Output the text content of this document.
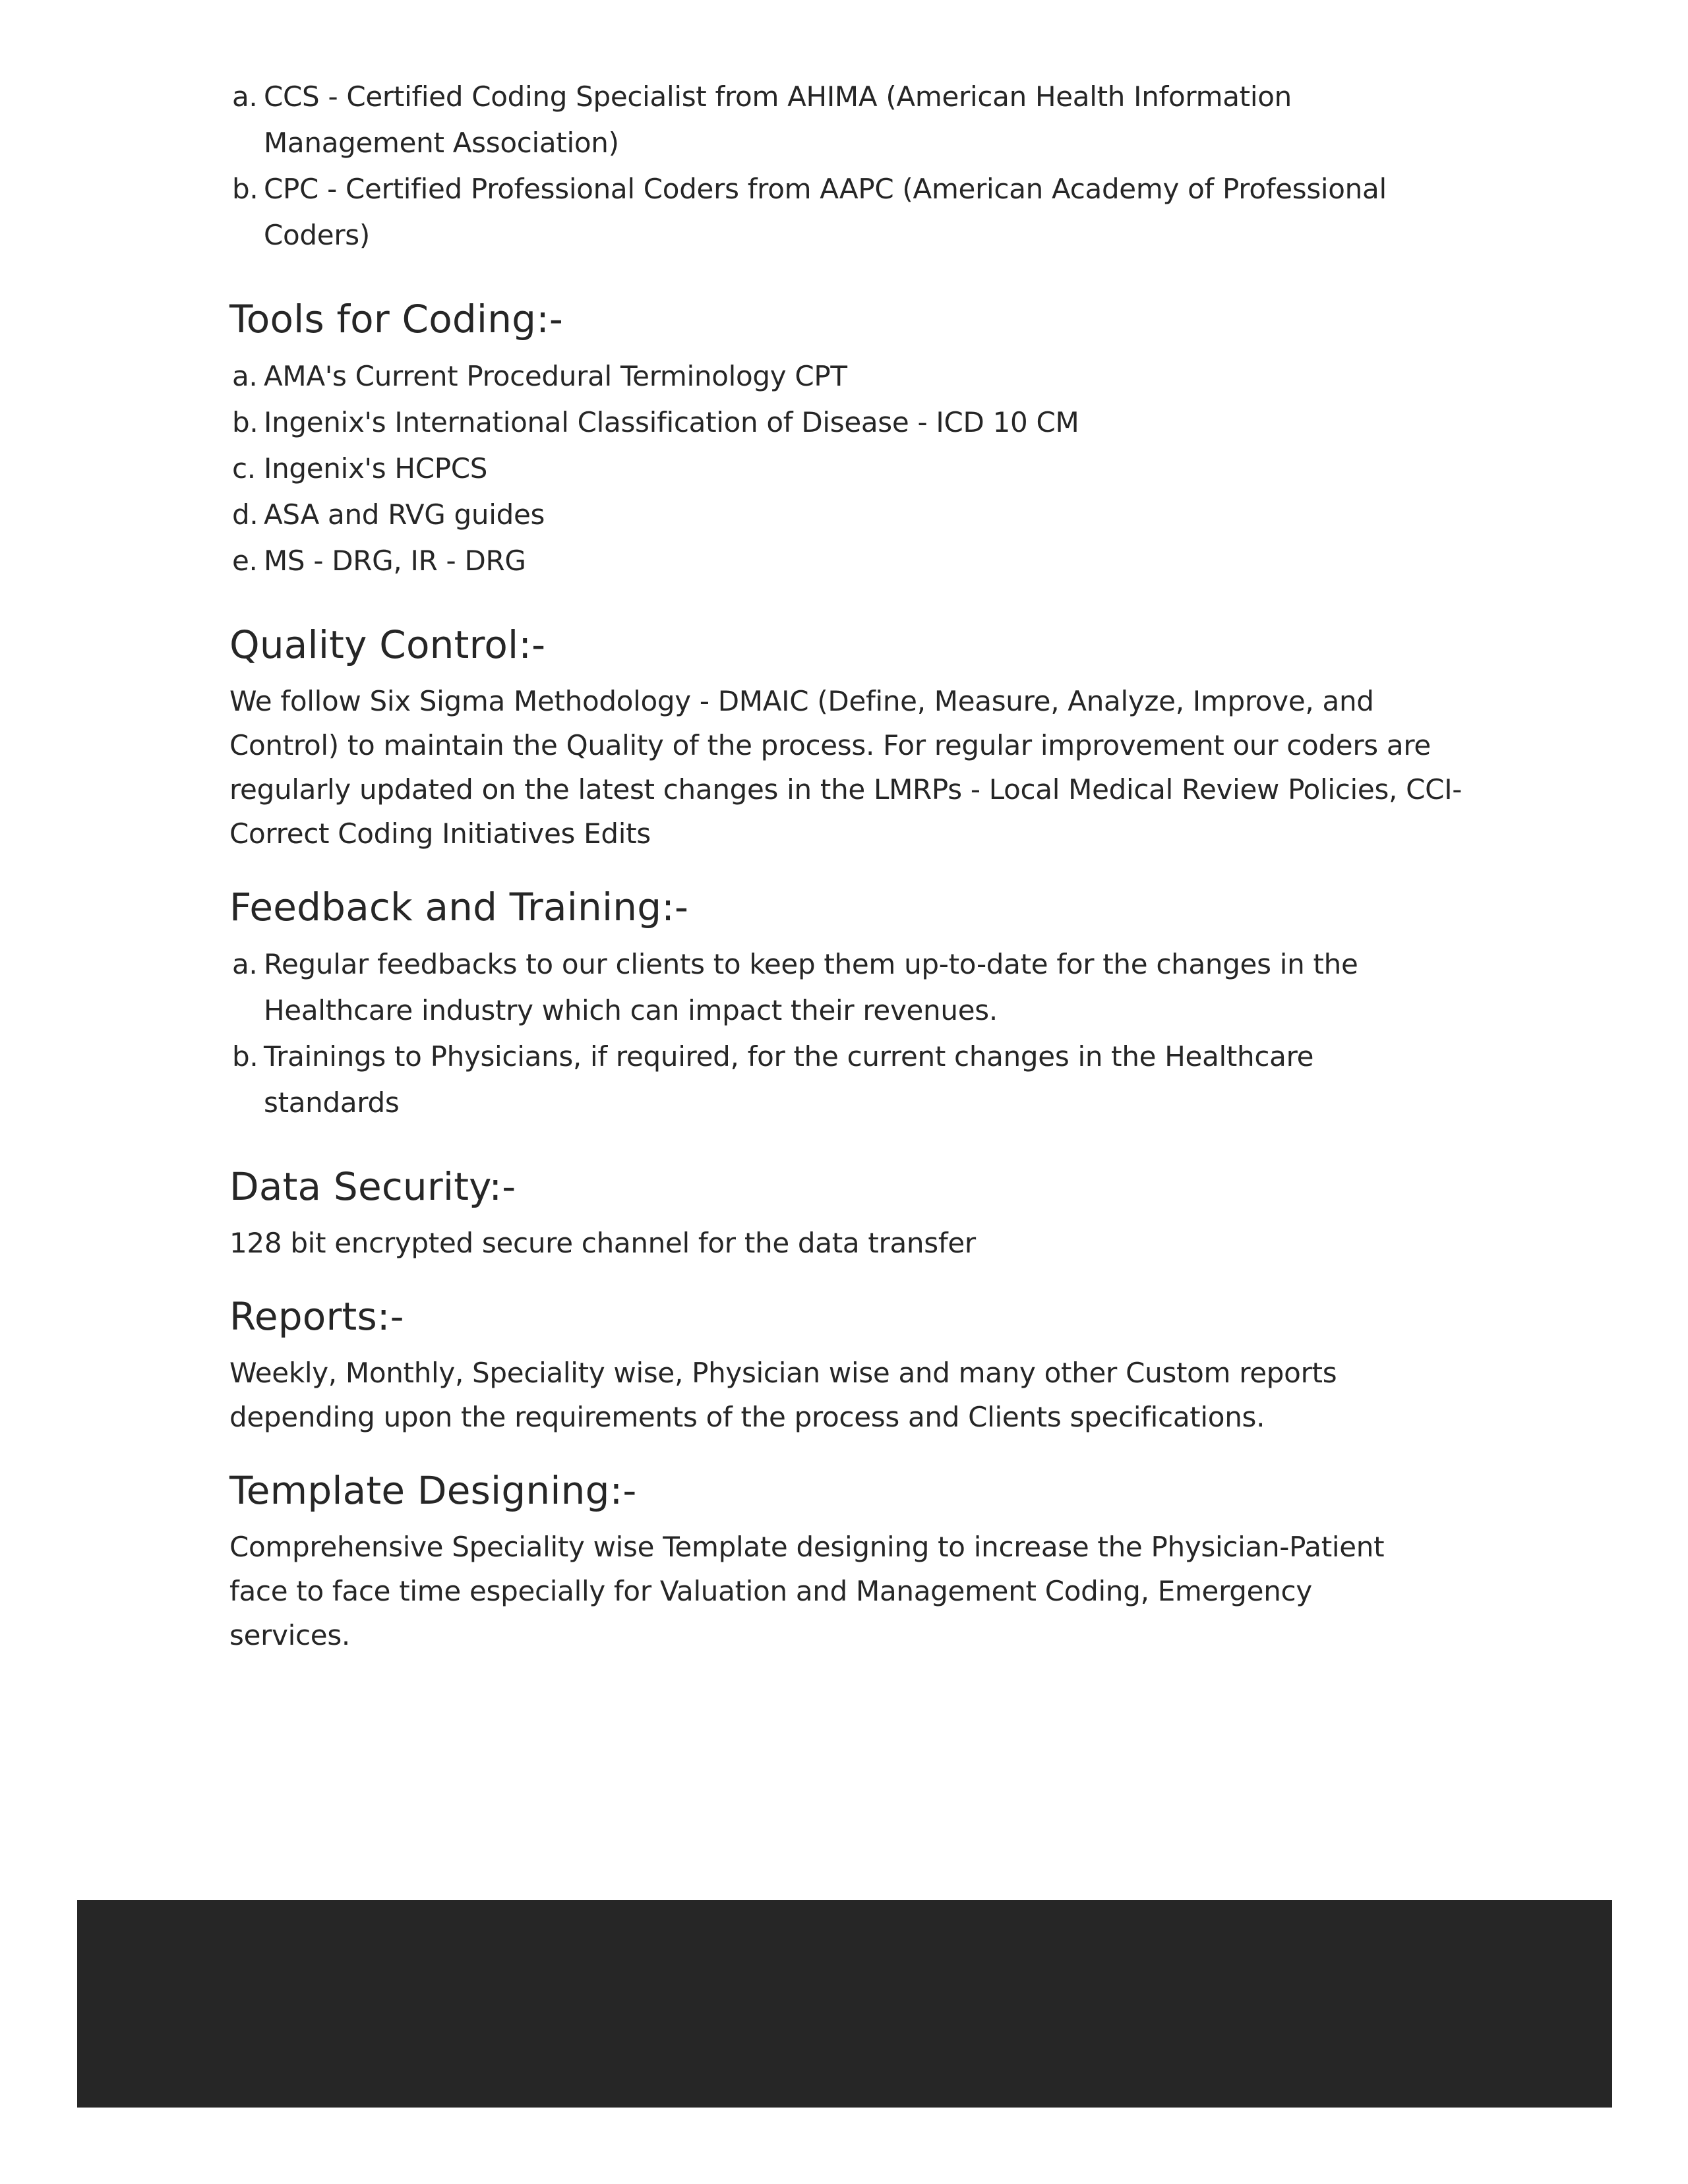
a. CCS - Certified Coding Specialist from AHIMA (American Health Information Management Association)
b. CPC - Certified Professional Coders from AAPC (American Academy of Professional Coders)
Tools for Coding:-
a. AMA's Current Procedural Terminology CPT
b. Ingenix's International Classification of Disease - ICD 10 CM
c. Ingenix's HCPCS
d. ASA and RVG guides
e. MS - DRG, IR - DRG
Quality Control:-

We follow Six Sigma Methodology - DMAIC (Define, Measure, Analyze, Improve, and Control) to maintain the Quality of the process. For regular improvement our coders are regularly updated on the latest changes in the LMRPs - Local Medical Review Policies, CCI-Correct Coding Initiatives Edits

Feedback and Training:-
a. Regular feedbacks to our clients to keep them up-to-date for the changes in the Healthcare industry which can impact their revenues.
b. Trainings to Physicians, if required, for the current changes in the Healthcare standards
Data Security:-

128 bit encrypted secure channel for the data transfer

Reports:-

Weekly, Monthly, Speciality wise, Physician wise and many other Custom reports depending upon the requirements of the process and Clients specifications.

Template Designing:-

Comprehensive Speciality wise Template designing to increase the Physician-Patient face to face time especially for Valuation and Management Coding, Emergency services.
